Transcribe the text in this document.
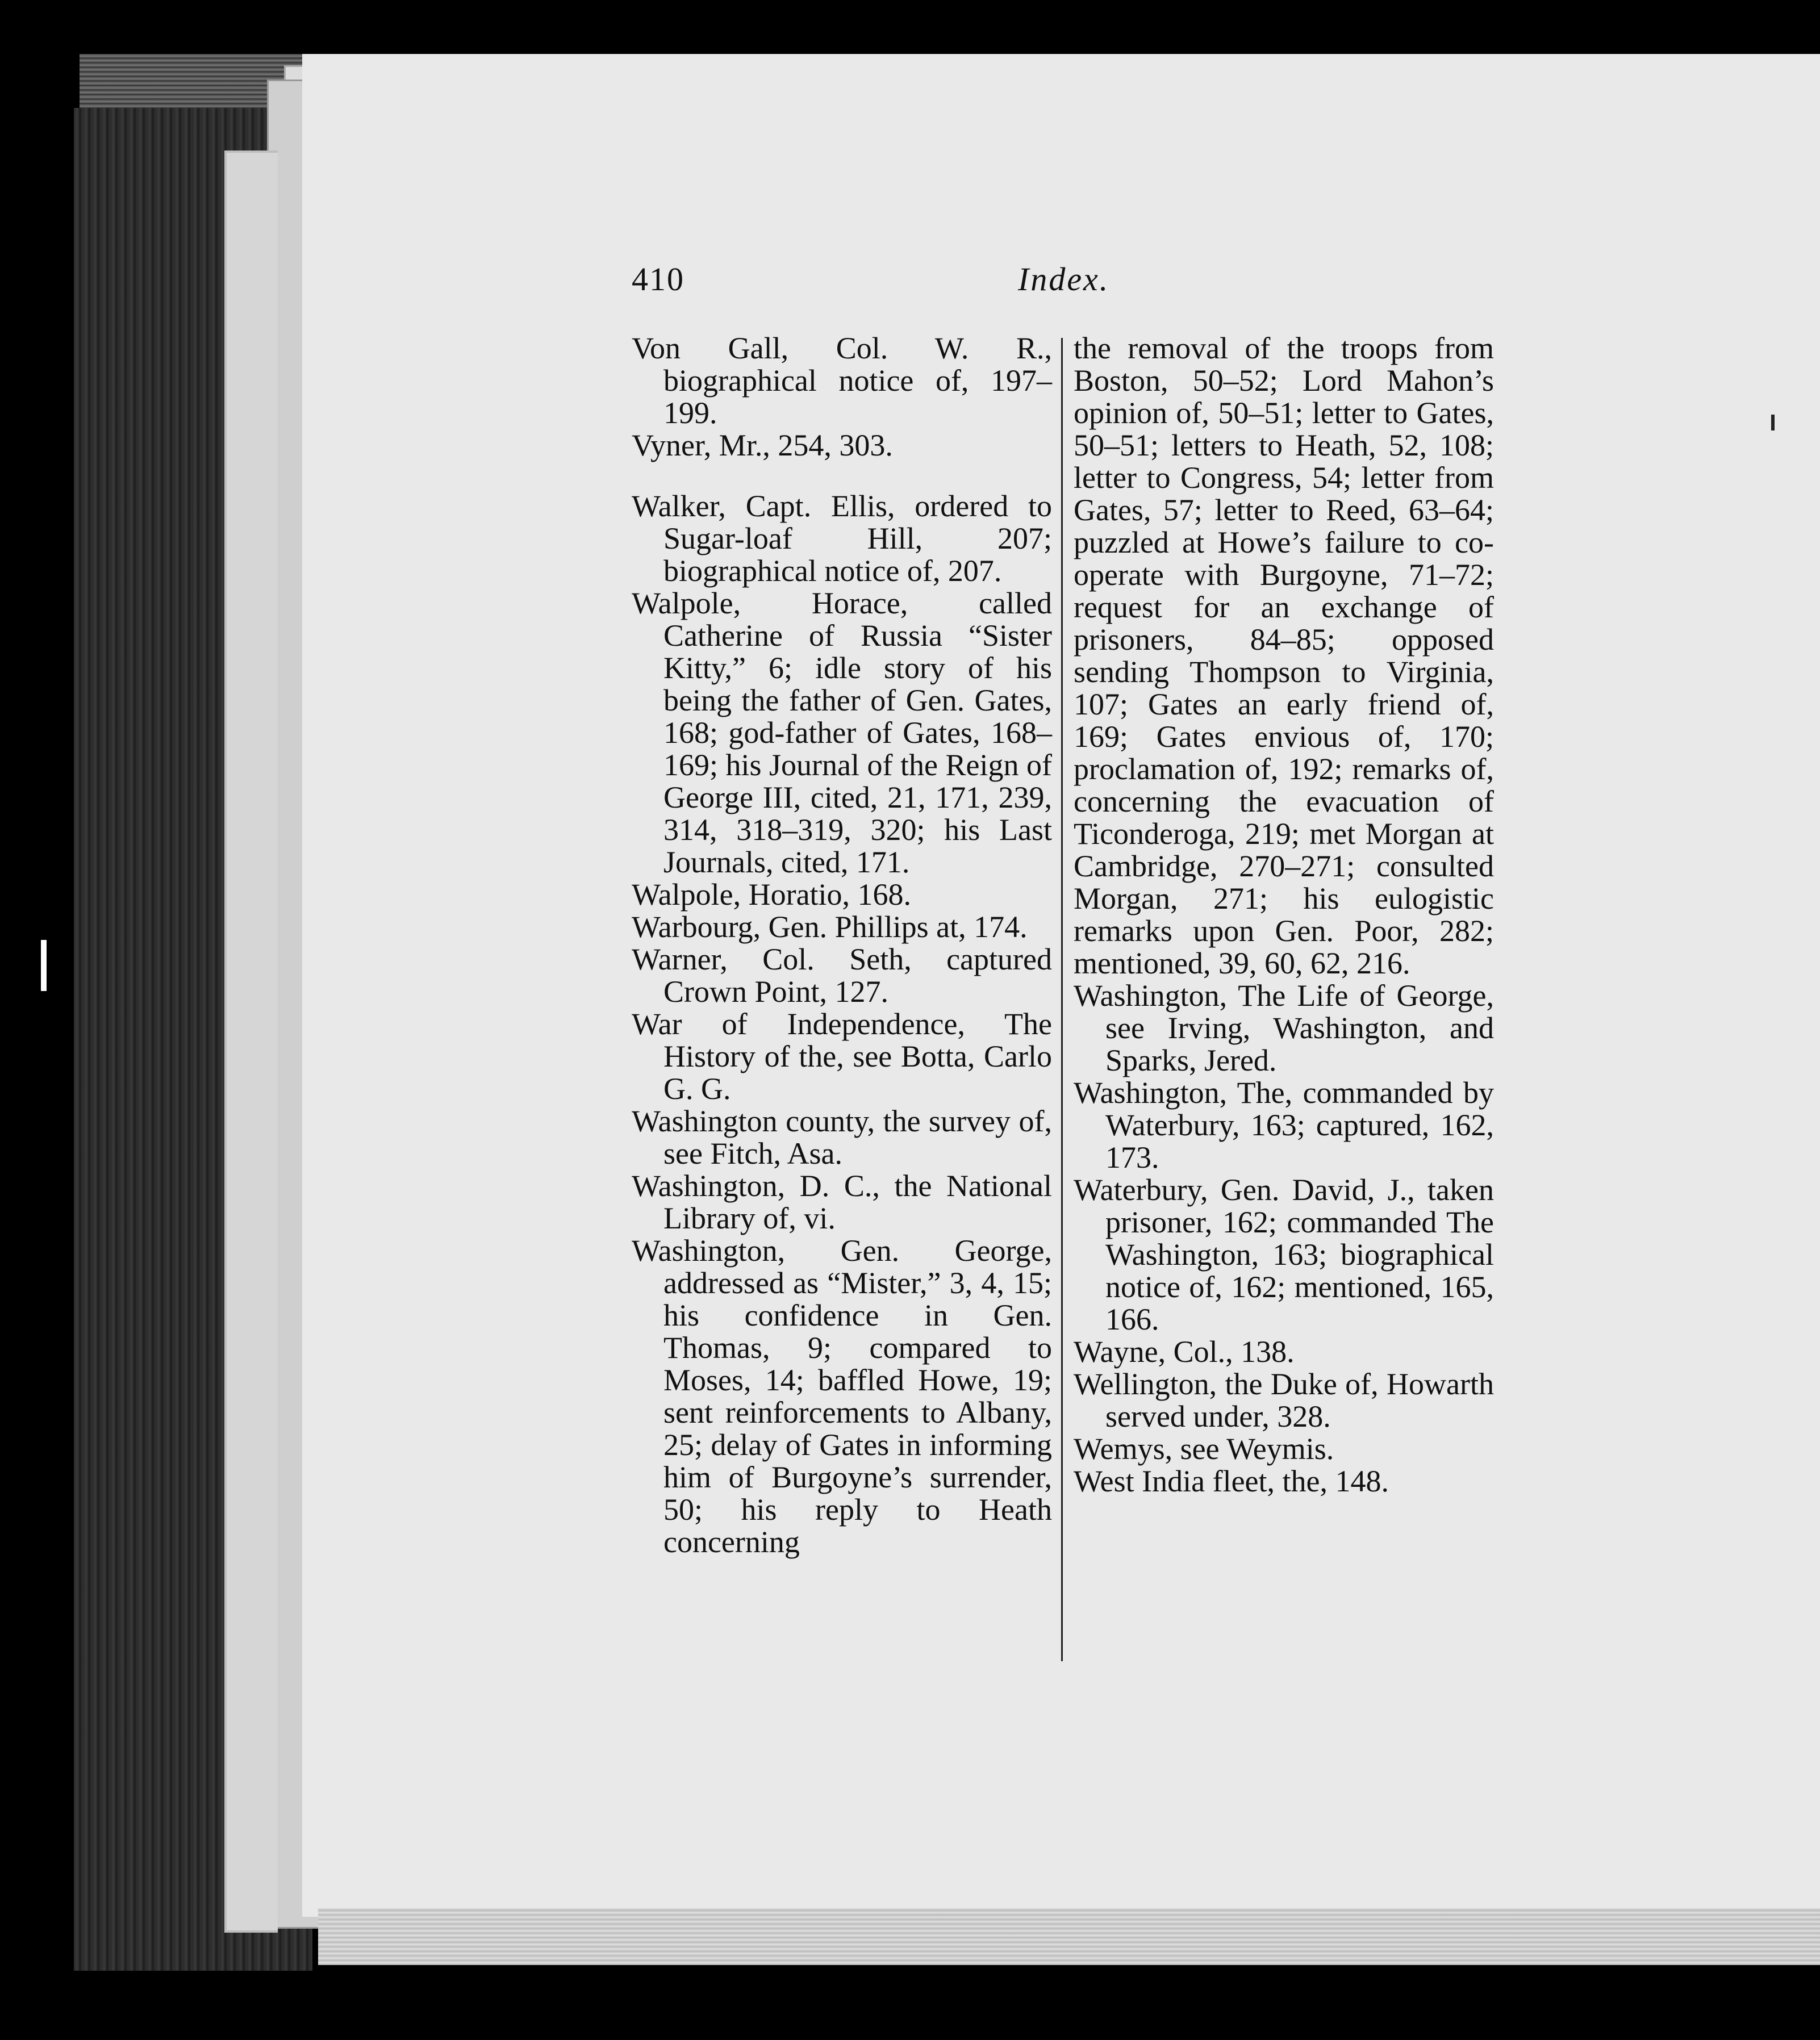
410	Index.

Von Gall, Col. W. R., biographical notice of, 197–199.

Vyner, Mr., 254, 303.

Walker, Capt. Ellis, ordered to Sugar-loaf Hill, 207; biographical notice of, 207.

Walpole, Horace, called Catherine of Russia “Sister Kitty,” 6; idle story of his being the father of Gen. Gates, 168; god-father of Gates, 168–169; his Journal of the Reign of George III, cited, 21, 171, 239, 314, 318–319, 320; his Last Journals, cited, 171.

Walpole, Horatio, 168.

Warbourg, Gen. Phillips at, 174.

Warner, Col. Seth, captured Crown Point, 127.

War of Independence, The History of the, see Botta, Carlo G. G.

Washington county, the survey of, see Fitch, Asa.

Washington, D. C., the National Library of, vi.

Washington, Gen. George, addressed as “Mister,” 3, 4, 15; his confidence in Gen. Thomas, 9; compared to Moses, 14; baffled Howe, 19; sent reinforcements to Albany, 25; delay of Gates in informing him of Burgoyne’s surrender, 50; his reply to Heath concerning

the removal of the troops from Boston, 50–52; Lord Mahon’s opinion of, 50–51; letter to Gates, 50–51; letters to Heath, 52, 108; letter to Congress, 54; letter from Gates, 57; letter to Reed, 63–64; puzzled at Howe’s failure to co-operate with Burgoyne, 71–72; request for an exchange of prisoners, 84–85; opposed sending Thompson to Virginia, 107; Gates an early friend of, 169; Gates envious of, 170; proclamation of, 192; remarks of, concerning the evacuation of Ticonderoga, 219; met Morgan at Cambridge, 270–271; consulted Morgan, 271; his eulogistic remarks upon Gen. Poor, 282; mentioned, 39, 60, 62, 216.

Washington, The Life of George, see Irving, Washington, and Sparks, Jered.

Washington, The, commanded by Waterbury, 163; captured, 162, 173.

Waterbury, Gen. David, J., taken prisoner, 162; commanded The Washington, 163; biographical notice of, 162; mentioned, 165, 166.

Wayne, Col., 138.

Wellington, the Duke of, Howarth served under, 328.

Wemys, see Weymis.

West India fleet, the, 148.
